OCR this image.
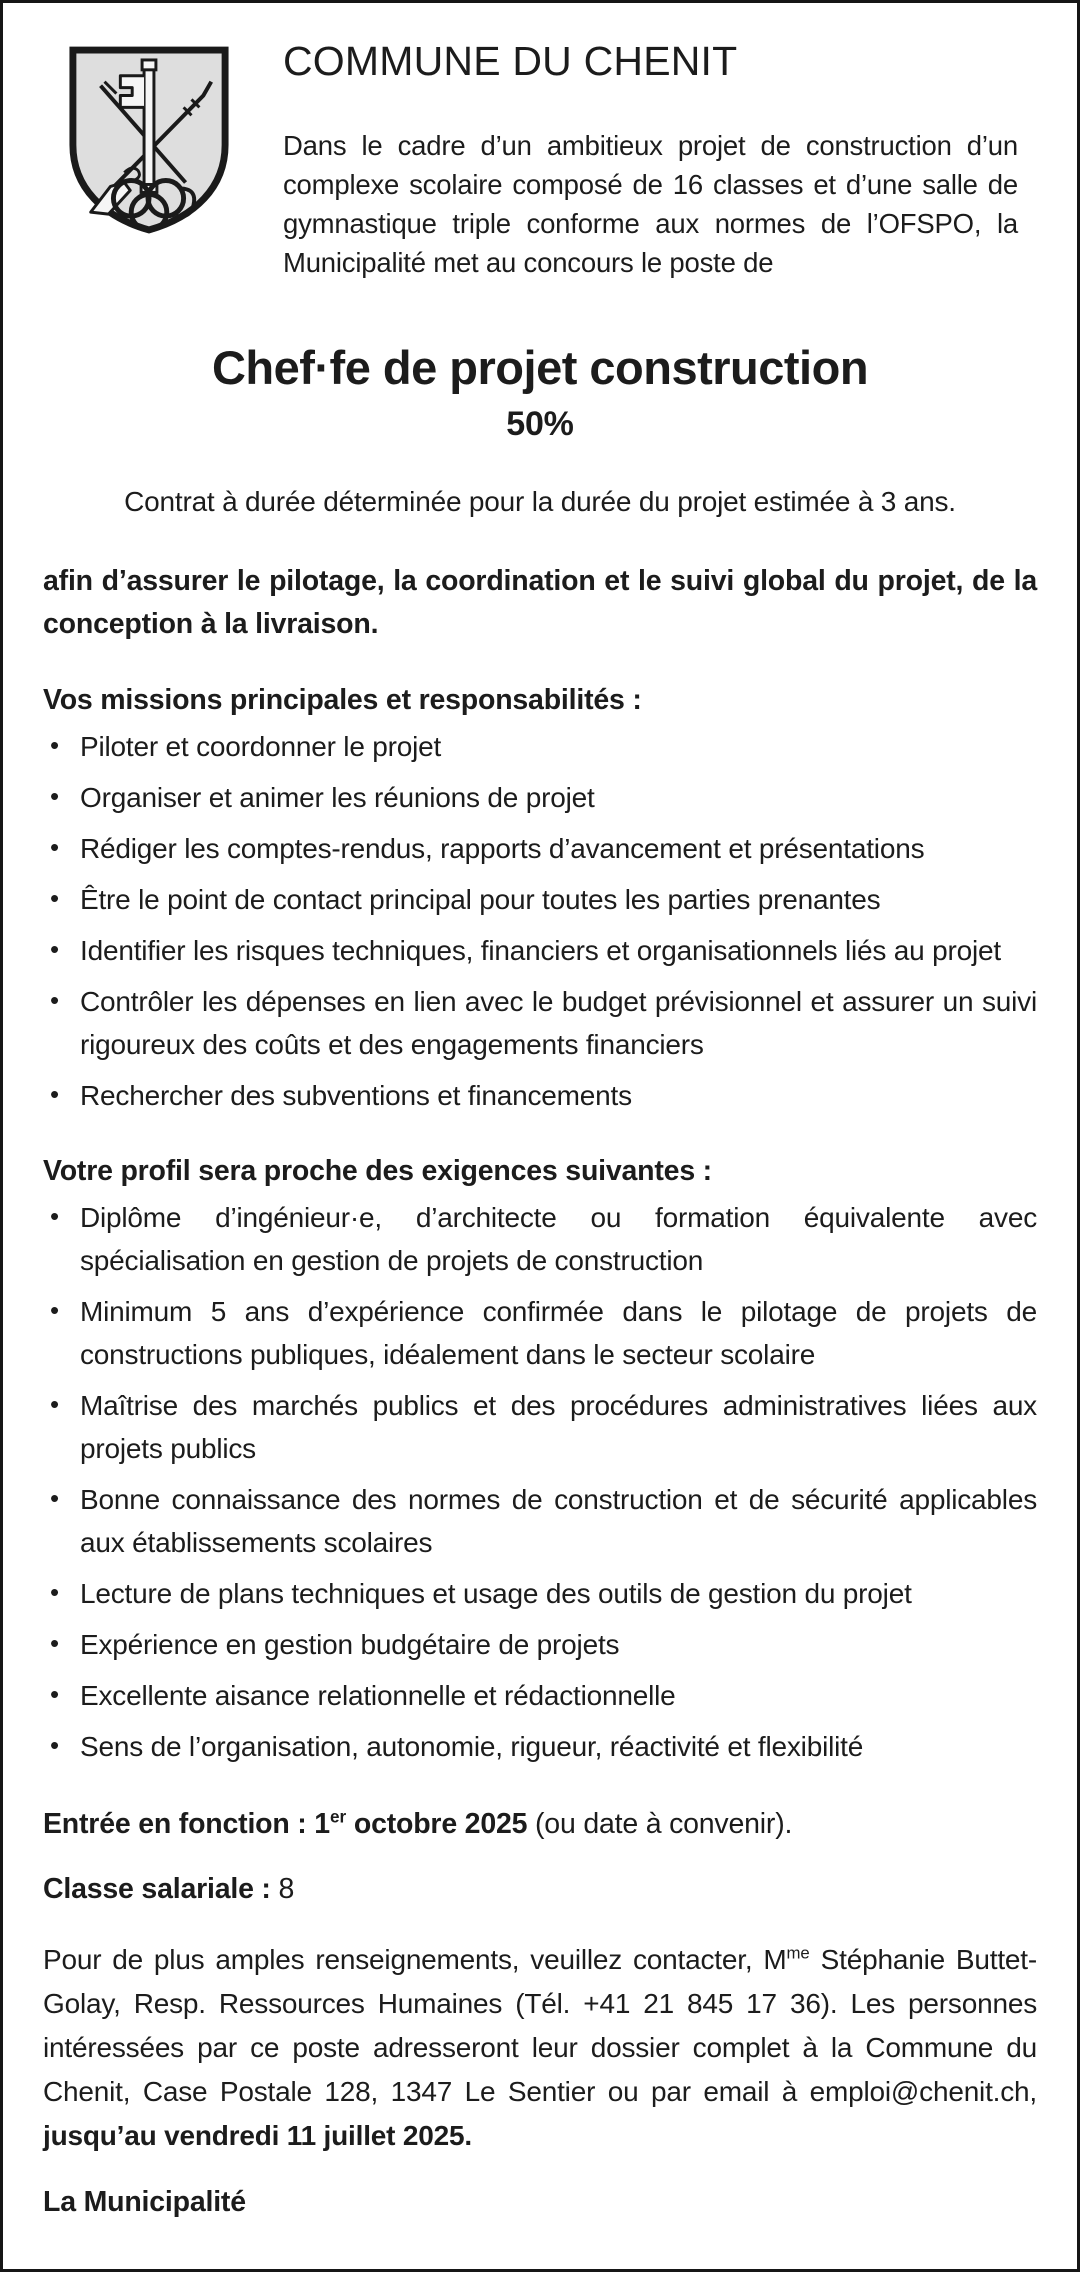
COMMUNE DU CHENIT

Dans le cadre d’un ambitieux projet de construction d’un complexe scolaire composé de 16 classes et d’une salle de gymnastique triple conforme aux normes de l’OFSPO, la Municipalité met au concours le poste de

Chef·fe de projet construction
50%

Contrat à durée déterminée pour la durée du projet estimée à 3 ans.

afin d’assurer le pilotage, la coordination et le suivi global du projet, de la conception à la livraison.

Vos missions principales et responsabilités :
• Piloter et coordonner le projet
• Organiser et animer les réunions de projet
• Rédiger les comptes-rendus, rapports d’avancement et présentations
• Être le point de contact principal pour toutes les parties prenantes
• Identifier les risques techniques, financiers et organisationnels liés au projet
• Contrôler les dépenses en lien avec le budget prévisionnel et assurer un suivi rigoureux des coûts et des engagements financiers
• Rechercher des subventions et financements
Votre profil sera proche des exigences suivantes :
• Diplôme d’ingénieur·e, d’architecte ou formation équivalente avec spécialisation en gestion de projets de construction
• Minimum 5 ans d’expérience confirmée dans le pilotage de projets de constructions publiques, idéalement dans le secteur scolaire
• Maîtrise des marchés publics et des procédures administratives liées aux projets publics
• Bonne connaissance des normes de construction et de sécurité applicables aux établissements scolaires
• Lecture de plans techniques et usage des outils de gestion du projet
• Expérience en gestion budgétaire de projets
• Excellente aisance relationnelle et rédactionnelle
• Sens de l’organisation, autonomie, rigueur, réactivité et flexibilité

Entrée en fonction : 1er octobre 2025 (ou date à convenir).

Classe salariale : 8

Pour de plus amples renseignements, veuillez contacter, $M^{me}$ Stéphanie Buttet-Golay, Resp. Ressources Humaines (Tél. +41 21 845 17 36). Les personnes intéressées par ce poste adresseront leur dossier complet à la Commune du Chenit, Case Postale 128, 1347 Le Sentier ou par email à emploi@chenit.ch, jusqu’au vendredi 11 juillet 2025.

La Municipalité
